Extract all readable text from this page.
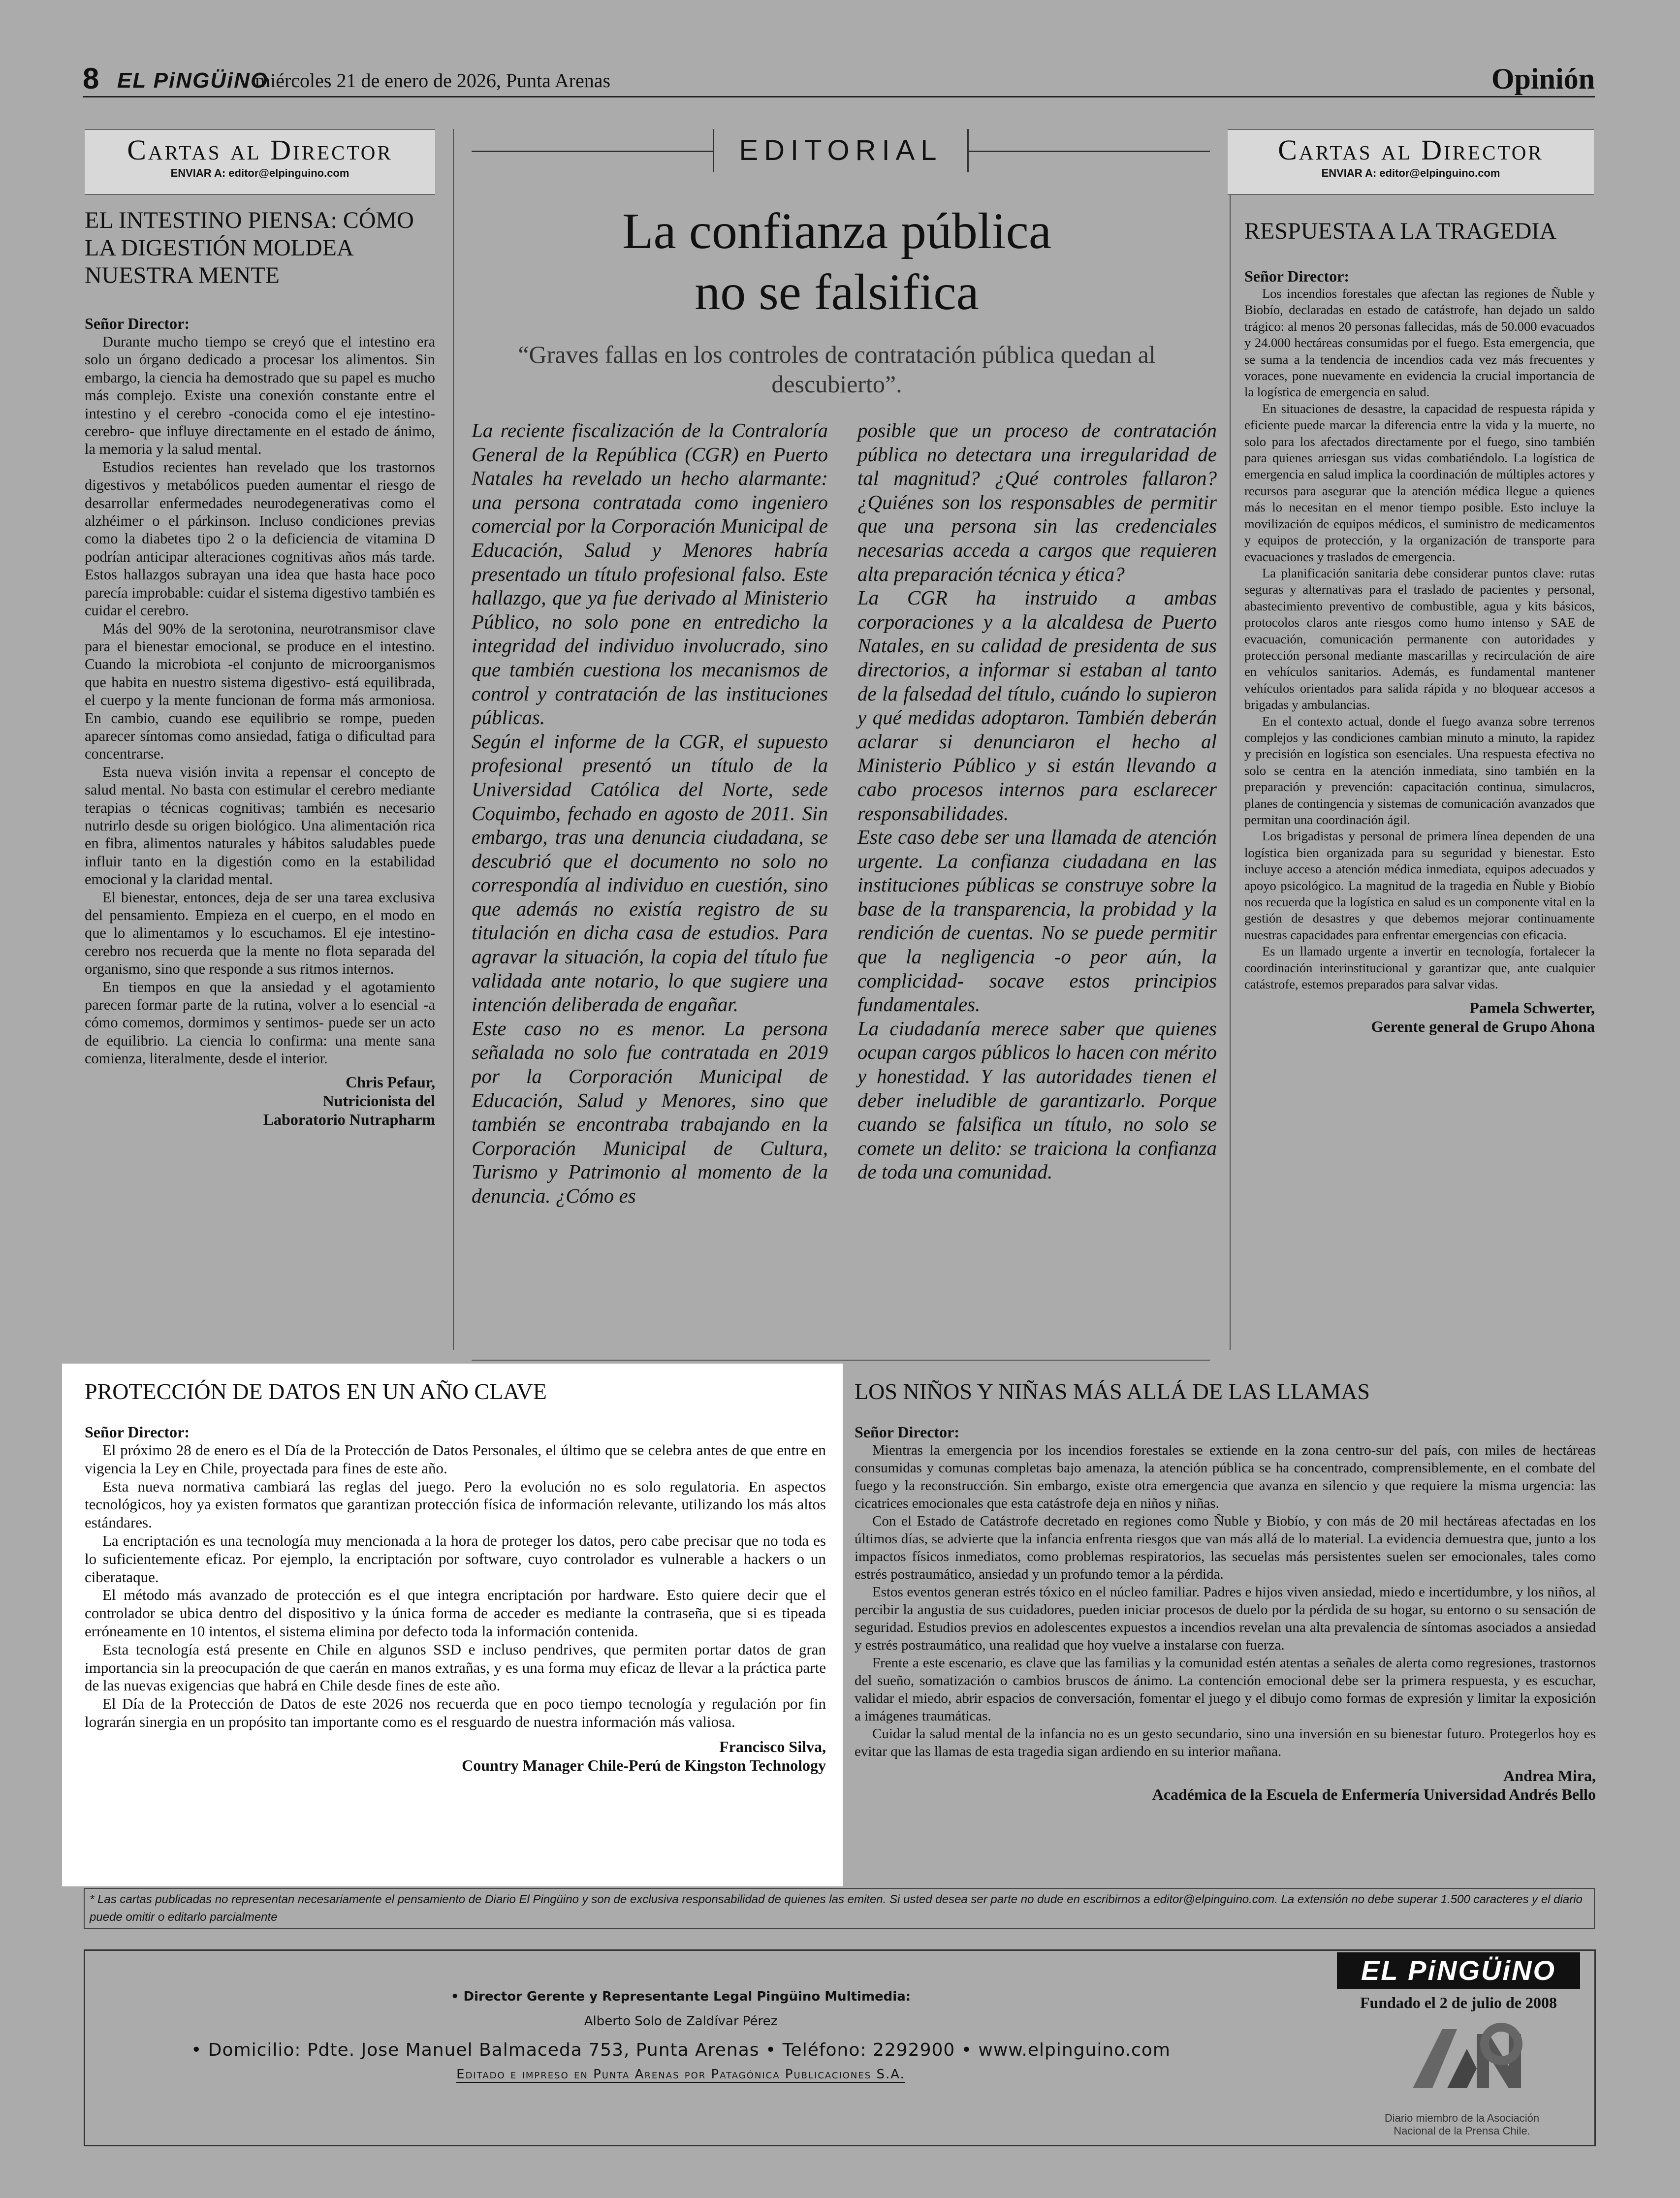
8 EL PiNGÜiNO
miércoles 21 de enero de 2026, Punta Arenas	Opinión
Cartas al Director
ENVIAR A: editor@elpinguino.com
EL INTESTINO PIENSA: CÓMO LA DIGESTIÓN MOLDEA NUESTRA MENTE
Señor Director:

Durante mucho tiempo se creyó que el intestino era solo un órgano dedicado a procesar los alimentos. Sin embargo, la ciencia ha demostrado que su papel es mucho más complejo. Existe una conexión constante entre el intestino y el cerebro -conocida como el eje intestino-cerebro- que influye directamente en el estado de ánimo, la memoria y la salud mental.

Estudios recientes han revelado que los trastornos digestivos y metabólicos pueden aumentar el riesgo de desarrollar enfermedades neurodegenerativas como el alzhéimer o el párkinson. Incluso condiciones previas como la diabetes tipo 2 o la deficiencia de vitamina D podrían anticipar alteraciones cognitivas años más tarde. Estos hallazgos subrayan una idea que hasta hace poco parecía improbable: cuidar el sistema digestivo también es cuidar el cerebro.

Más del 90% de la serotonina, neurotransmisor clave para el bienestar emocional, se produce en el intestino. Cuando la microbiota -el conjunto de microorganismos que habita en nuestro sistema digestivo- está equilibrada, el cuerpo y la mente funcionan de forma más armoniosa. En cambio, cuando ese equilibrio se rompe, pueden aparecer síntomas como ansiedad, fatiga o dificultad para concentrarse.

Esta nueva visión invita a repensar el concepto de salud mental. No basta con estimular el cerebro mediante terapias o técnicas cognitivas; también es necesario nutrirlo desde su origen biológico. Una alimentación rica en fibra, alimentos naturales y hábitos saludables puede influir tanto en la digestión como en la estabilidad emocional y la claridad mental.

El bienestar, entonces, deja de ser una tarea exclusiva del pensamiento. Empieza en el cuerpo, en el modo en que lo alimentamos y lo escuchamos. El eje intestino-cerebro nos recuerda que la mente no flota separada del organismo, sino que responde a sus ritmos internos.

En tiempos en que la ansiedad y el agotamiento parecen formar parte de la rutina, volver a lo esencial -a cómo comemos, dormimos y sentimos- puede ser un acto de equilibrio. La ciencia lo confirma: una mente sana comienza, literalmente, desde el interior.

Chris Pefaur,
Nutricionista del
Laboratorio Nutrapharm
EDITORIAL
La confianza pública
no se falsifica
“Graves fallas en los controles de contratación pública quedan al descubierto”.

La reciente fiscalización de la Contraloría General de la República (CGR) en Puerto Natales ha revelado un hecho alarmante: una persona contratada como ingeniero comercial por la Corporación Municipal de Educación, Salud y Menores habría presentado un título profesional falso. Este hallazgo, que ya fue derivado al Ministerio Público, no solo pone en entredicho la integridad del individuo involucrado, sino que también cuestiona los mecanismos de control y contratación de las instituciones públicas.

Según el informe de la CGR, el supuesto profesional presentó un título de la Universidad Católica del Norte, sede Coquimbo, fechado en agosto de 2011. Sin embargo, tras una denuncia ciudadana, se descubrió que el documento no solo no correspondía al individuo en cuestión, sino que además no existía registro de su titulación en dicha casa de estudios. Para agravar la situación, la copia del título fue validada ante notario, lo que sugiere una intención deliberada de engañar.

Este caso no es menor. La persona señalada no solo fue contratada en 2019 por la Corporación Municipal de Educación, Salud y Menores, sino que también se encontraba trabajando en la Corporación Municipal de Cultura, Turismo y Patrimonio al momento de la denuncia. ¿Cómo es

posible que un proceso de contratación pública no detectara una irregularidad de tal magnitud? ¿Qué controles fallaron? ¿Quiénes son los responsables de permitir que una persona sin las credenciales necesarias acceda a cargos que requieren alta preparación técnica y ética?

La CGR ha instruido a ambas corporaciones y a la alcaldesa de Puerto Natales, en su calidad de presidenta de sus directorios, a informar si estaban al tanto de la falsedad del título, cuándo lo supieron y qué medidas adoptaron. También deberán aclarar si denunciaron el hecho al Ministerio Público y si están llevando a cabo procesos internos para esclarecer responsabilidades.

Este caso debe ser una llamada de atención urgente. La confianza ciudadana en las instituciones públicas se construye sobre la base de la transparencia, la probidad y la rendición de cuentas. No se puede permitir que la negligencia -o peor aún, la complicidad- socave estos principios fundamentales.

La ciudadanía merece saber que quienes ocupan cargos públicos lo hacen con mérito y honestidad. Y las autoridades tienen el deber ineludible de garantizarlo. Porque cuando se falsifica un título, no solo se comete un delito: se traiciona la confianza de toda una comunidad.

Cartas al Director
ENVIAR A: editor@elpinguino.com
RESPUESTA A LA TRAGEDIA
Señor Director:

Los incendios forestales que afectan las regiones de Ñuble y Biobío, declaradas en estado de catástrofe, han dejado un saldo trágico: al menos 20 personas fallecidas, más de 50.000 evacuados y 24.000 hectáreas consumidas por el fuego. Esta emergencia, que se suma a la tendencia de incendios cada vez más frecuentes y voraces, pone nuevamente en evidencia la crucial importancia de la logística de emergencia en salud.

En situaciones de desastre, la capacidad de respuesta rápida y eficiente puede marcar la diferencia entre la vida y la muerte, no solo para los afectados directamente por el fuego, sino también para quienes arriesgan sus vidas combatiéndolo. La logística de emergencia en salud implica la coordinación de múltiples actores y recursos para asegurar que la atención médica llegue a quienes más lo necesitan en el menor tiempo posible. Esto incluye la movilización de equipos médicos, el suministro de medicamentos y equipos de protección, y la organización de transporte para evacuaciones y traslados de emergencia.

La planificación sanitaria debe considerar puntos clave: rutas seguras y alternativas para el traslado de pacientes y personal, abastecimiento preventivo de combustible, agua y kits básicos, protocolos claros ante riesgos como humo intenso y SAE de evacuación, comunicación permanente con autoridades y protección personal mediante mascarillas y recirculación de aire en vehículos sanitarios. Además, es fundamental mantener vehículos orientados para salida rápida y no bloquear accesos a brigadas y ambulancias.

En el contexto actual, donde el fuego avanza sobre terrenos complejos y las condiciones cambian minuto a minuto, la rapidez y precisión en logística son esenciales. Una respuesta efectiva no solo se centra en la atención inmediata, sino también en la preparación y prevención: capacitación continua, simulacros, planes de contingencia y sistemas de comunicación avanzados que permitan una coordinación ágil.

Los brigadistas y personal de primera línea dependen de una logística bien organizada para su seguridad y bienestar. Esto incluye acceso a atención médica inmediata, equipos adecuados y apoyo psicológico. La magnitud de la tragedia en Ñuble y Biobío nos recuerda que la logística en salud es un componente vital en la gestión de desastres y que debemos mejorar continuamente nuestras capacidades para enfrentar emergencias con eficacia.

Es un llamado urgente a invertir en tecnología, fortalecer la coordinación interinstitucional y garantizar que, ante cualquier catástrofe, estemos preparados para salvar vidas.

Pamela Schwerter,
Gerente general de Grupo Ahona
PROTECCIÓN DE DATOS EN UN AÑO CLAVE
Señor Director:

El próximo 28 de enero es el Día de la Protección de Datos Personales, el último que se celebra antes de que entre en vigencia la Ley en Chile, proyectada para fines de este año.

Esta nueva normativa cambiará las reglas del juego. Pero la evolución no es solo regulatoria. En aspectos tecnológicos, hoy ya existen formatos que garantizan protección física de información relevante, utilizando los más altos estándares.

La encriptación es una tecnología muy mencionada a la hora de proteger los datos, pero cabe precisar que no toda es lo suficientemente eficaz. Por ejemplo, la encriptación por software, cuyo controlador es vulnerable a hackers o un ciberataque.

El método más avanzado de protección es el que integra encriptación por hardware. Esto quiere decir que el controlador se ubica dentro del dispositivo y la única forma de acceder es mediante la contraseña, que si es tipeada erróneamente en 10 intentos, el sistema elimina por defecto toda la información contenida.

Esta tecnología está presente en Chile en algunos SSD e incluso pendrives, que permiten portar datos de gran importancia sin la preocupación de que caerán en manos extrañas, y es una forma muy eficaz de llevar a la práctica parte de las nuevas exigencias que habrá en Chile desde fines de este año.

El Día de la Protección de Datos de este 2026 nos recuerda que en poco tiempo tecnología y regulación por fin lograrán sinergia en un propósito tan importante como es el resguardo de nuestra información más valiosa.

Francisco Silva,
Country Manager Chile-Perú de Kingston Technology
LOS NIÑOS Y NIÑAS MÁS ALLÁ DE LAS LLAMAS
Señor Director:

Mientras la emergencia por los incendios forestales se extiende en la zona centro-sur del país, con miles de hectáreas consumidas y comunas completas bajo amenaza, la atención pública se ha concentrado, comprensiblemente, en el combate del fuego y la reconstrucción. Sin embargo, existe otra emergencia que avanza en silencio y que requiere la misma urgencia: las cicatrices emocionales que esta catástrofe deja en niños y niñas.

Con el Estado de Catástrofe decretado en regiones como Ñuble y Biobío, y con más de 20 mil hectáreas afectadas en los últimos días, se advierte que la infancia enfrenta riesgos que van más allá de lo material. La evidencia demuestra que, junto a los impactos físicos inmediatos, como problemas respiratorios, las secuelas más persistentes suelen ser emocionales, tales como estrés postraumático, ansiedad y un profundo temor a la pérdida.

Estos eventos generan estrés tóxico en el núcleo familiar. Padres e hijos viven ansiedad, miedo e incertidumbre, y los niños, al percibir la angustia de sus cuidadores, pueden iniciar procesos de duelo por la pérdida de su hogar, su entorno o su sensación de seguridad. Estudios previos en adolescentes expuestos a incendios revelan una alta prevalencia de síntomas asociados a ansiedad y estrés postraumático, una realidad que hoy vuelve a instalarse con fuerza.

Frente a este escenario, es clave que las familias y la comunidad estén atentas a señales de alerta como regresiones, trastornos del sueño, somatización o cambios bruscos de ánimo. La contención emocional debe ser la primera respuesta, y es escuchar, validar el miedo, abrir espacios de conversación, fomentar el juego y el dibujo como formas de expresión y limitar la exposición a imágenes traumáticas.

Cuidar la salud mental de la infancia no es un gesto secundario, sino una inversión en su bienestar futuro. Protegerlos hoy es evitar que las llamas de esta tragedia sigan ardiendo en su interior mañana.

Andrea Mira,
Académica de la Escuela de Enfermería Universidad Andrés Bello
* Las cartas publicadas no representan necesariamente el pensamiento de Diario El Pingüino y son de exclusiva responsabilidad de quienes las emiten. Si usted desea ser parte no dude en escribirnos a editor@elpinguino.com. La extensión no debe superar 1.500 caracteres y el diario puede omitir o editarlo parcialmente
• Director Gerente y Representante Legal Pingüino Multimedia:
Alberto Solo de Zaldívar Pérez
• Domicilio: Pdte. Jose Manuel Balmaceda 753, Punta Arenas • Teléfono: 2292900 • www.elpinguino.com
Editado e impreso en Punta Arenas por Patagónica Publicaciones S.A.
EL PiNGÜiNO
Fundado el 2 de julio de 2008
ANP
Diario miembro de la Asociación
Nacional de la Prensa Chile.
